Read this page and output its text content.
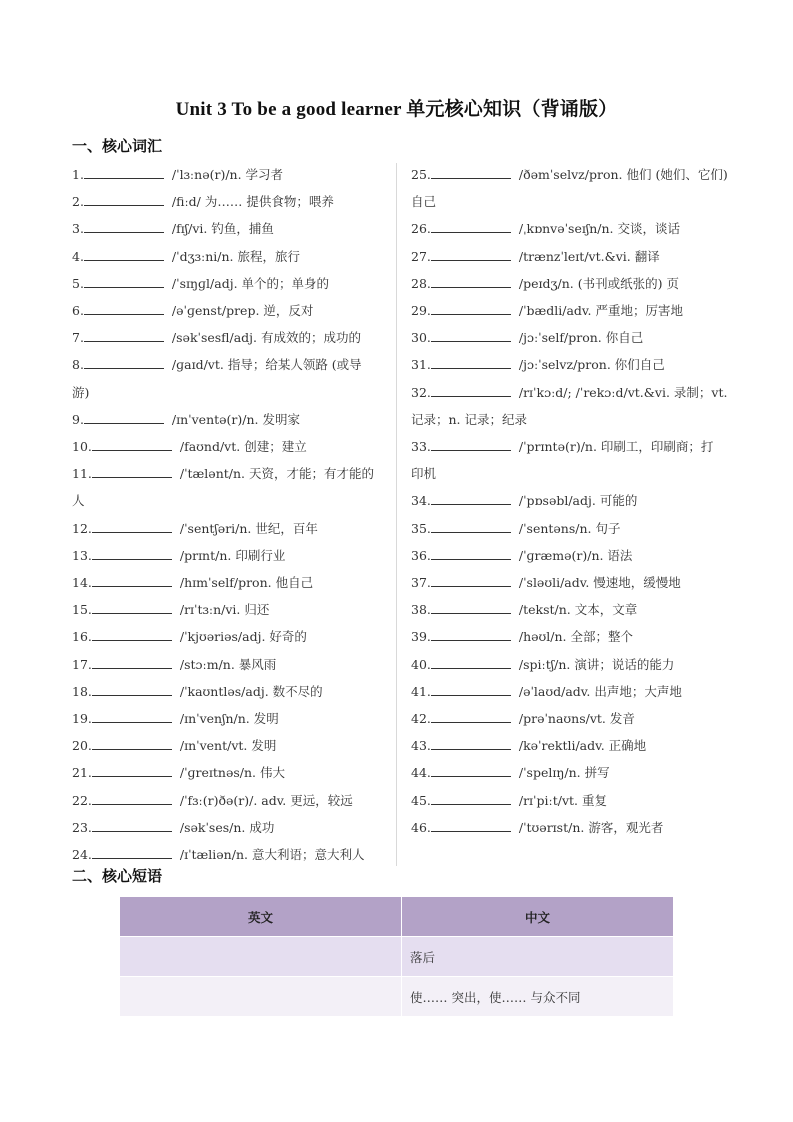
Unit 3 To be a good learner 单元核心知识（背诵版）
一、核心词汇
1.	/ˈlɜːnə(r)/n. 学习者
2.	/fiːd/ 为…… 提供食物；喂养
3.	/fɪʃ/vi. 钓鱼，捕鱼
4.	/ˈdʒɜːni/n. 旅程，旅行
5.	/ˈsɪŋɡl/adj. 单个的；单身的
6.	/əˈɡenst/prep. 逆，反对
7.	/səkˈsesfl/adj. 有成效的；成功的
8.	/ɡaɪd/vt. 指导；给某人领路 (或导
游)
9.	/ɪnˈventə(r)/n. 发明家
10.	/faʊnd/vt. 创建；建立
11.	/ˈtælənt/n. 天资，才能；有才能的
人
12.	/ˈsentʃəri/n. 世纪，百年
13.	/prɪnt/n. 印刷行业
14.	/hɪmˈself/pron. 他自己
15.	/rɪˈtɜːn/vi. 归还
16.	/ˈkjʊəriəs/adj. 好奇的
17.	/stɔːm/n. 暴风雨
18.	/ˈkaʊntləs/adj. 数不尽的
19.	/ɪnˈvenʃn/n. 发明
20.	/ɪnˈvent/vt. 发明
21.	/ˈɡreɪtnəs/n. 伟大
22.	/ˈfɜː(r)ðə(r)/. adv. 更远，较远
23.	/səkˈses/n. 成功
24.	/ɪˈtæliən/n. 意大利语；意大利人
25.	/ðəmˈselvz/pron. 他们 (她们、它们)
自己
26.	/ˌkɒnvəˈseɪʃn/n. 交谈，谈话
27.	/trænzˈleɪt/vt.&vi. 翻译
28.	/peɪdʒ/n. (书刊或纸张的) 页
29.	/ˈbædli/adv. 严重地；厉害地
30.	/jɔːˈself/pron. 你自己
31.	/jɔːˈselvz/pron. 你们自己
32.	/rɪˈkɔːd/; /ˈrekɔːd/vt.&vi. 录制；vt.
记录；n. 记录；纪录
33.	/ˈprɪntə(r)/n. 印刷工，印刷商；打
印机
34.	/ˈpɒsəbl/adj. 可能的
35.	/ˈsentəns/n. 句子
36.	/ˈɡræmə(r)/n. 语法
37.	/ˈsləʊli/adv. 慢速地，缓慢地
38.	/tekst/n. 文本，文章
39.	/həʊl/n. 全部；整个
40.	/spiːtʃ/n. 演讲；说话的能力
41.	/əˈlaʊd/adv. 出声地；大声地
42.	/prəˈnaʊns/vt. 发音
43.	/kəˈrektli/adv. 正确地
44.	/ˈspelɪŋ/n. 拼写
45.	/rɪˈpiːt/vt. 重复
46.	/ˈtʊərɪst/n. 游客，观光者
二、核心短语
英文	中文
	落后
	使…… 突出，使…… 与众不同
